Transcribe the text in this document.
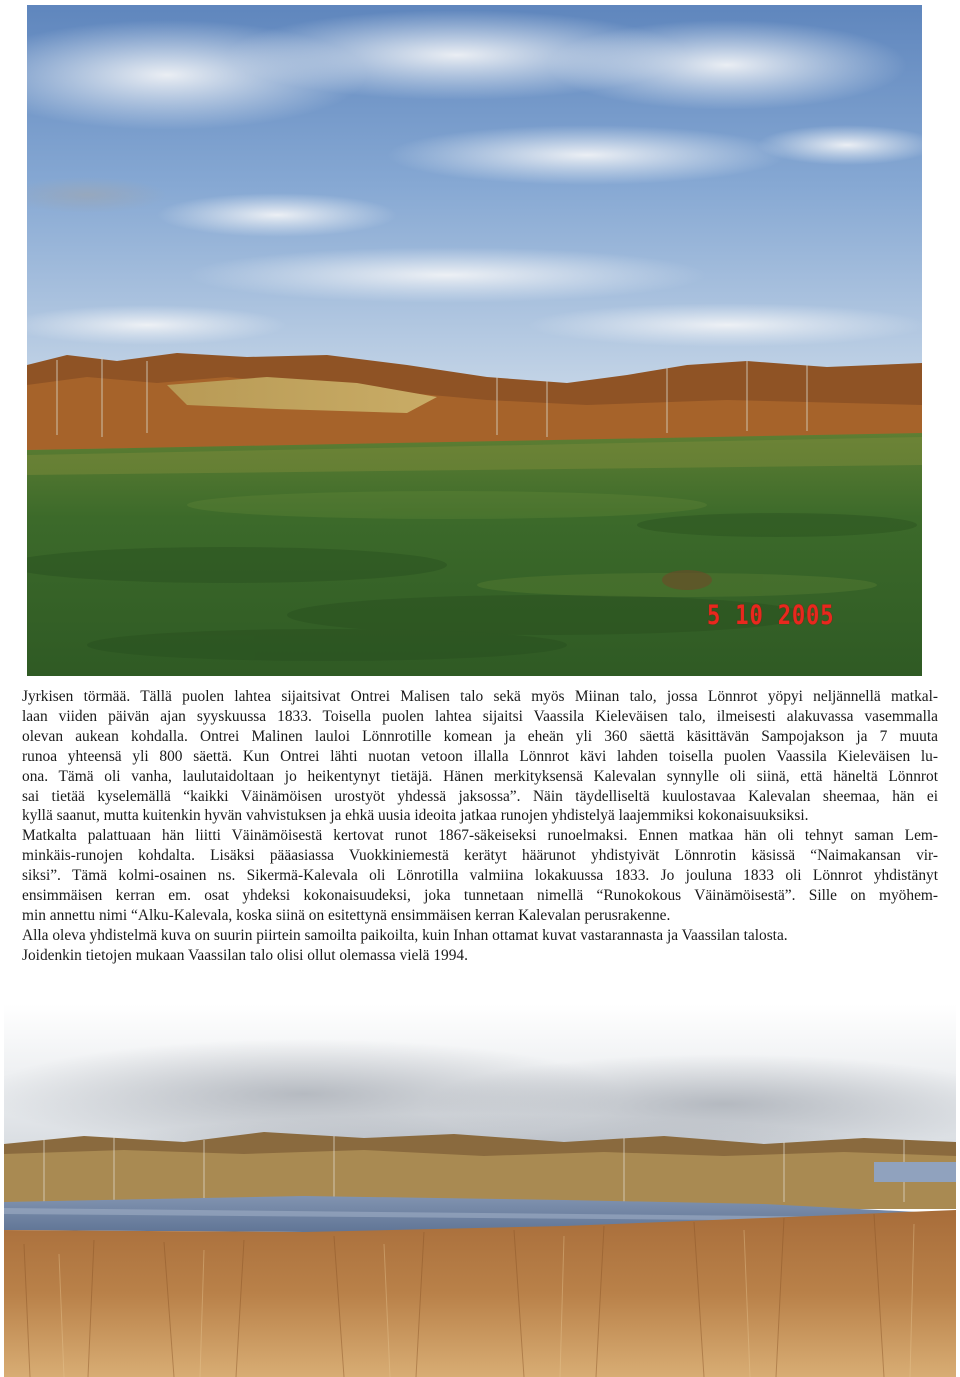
5 10 2005
Jyrkisen törmää. Tällä puolen lahtea sijaitsivat Ontrei Malisen talo sekä myös Miinan talo, jossa Lönnrot yöpyi neljännellä matkal-
laan viiden päivän ajan syyskuussa 1833. Toisella puolen lahtea sijaitsi Vaassila Kieleväisen talo, ilmeisesti alakuvassa vasemmalla
olevan aukean kohdalla. Ontrei Malinen lauloi Lönnrotille komean ja eheän yli 360 säettä käsittävän Sampojakson ja 7 muuta
runoa yhteensä yli 800 säettä. Kun Ontrei lähti nuotan vetoon illalla Lönnrot kävi lahden toisella puolen Vaassila Kieleväisen lu-
ona. Tämä oli vanha, laulutaidoltaan jo heikentynyt tietäjä. Hänen merkityksensä Kalevalan synnylle oli siinä, että häneltä Lönnrot
sai tietää kyselemällä “kaikki Väinämöisen urostyöt yhdessä jaksossa”. Näin täydelliseltä kuulostavaa Kalevalan sheemaa, hän ei
kyllä saanut, mutta kuitenkin hyvän vahvistuksen ja ehkä uusia ideoita jatkaa runojen yhdistelyä laajemmiksi kokonaisuuksiksi.
Matkalta palattuaan hän liitti Väinämöisestä kertovat runot 1867-säkeiseksi runoelmaksi. Ennen matkaa hän oli tehnyt saman Lem-
minkäis-runojen kohdalta. Lisäksi pääasiassa Vuokkiniemestä kerätyt häärunot yhdistyivät Lönnrotin käsissä “Naimakansan vir-
siksi”. Tämä kolmi-osainen ns. Sikermä-Kalevala oli Lönrotilla valmiina lokakuussa 1833. Jo jouluna 1833 oli Lönnrot yhdistänyt
ensimmäisen kerran em. osat yhdeksi kokonaisuudeksi, joka tunnetaan nimellä “Runokokous Väinämöisestä”. Sille on myöhem-
min annettu nimi “Alku-Kalevala, koska siinä on esitettynä ensimmäisen kerran Kalevalan perusrakenne.
Alla oleva yhdistelmä kuva on suurin piirtein samoilta paikoilta, kuin Inhan ottamat kuvat vastarannasta ja Vaassilan talosta.
Joidenkin tietojen mukaan Vaassilan talo olisi ollut olemassa vielä 1994.
